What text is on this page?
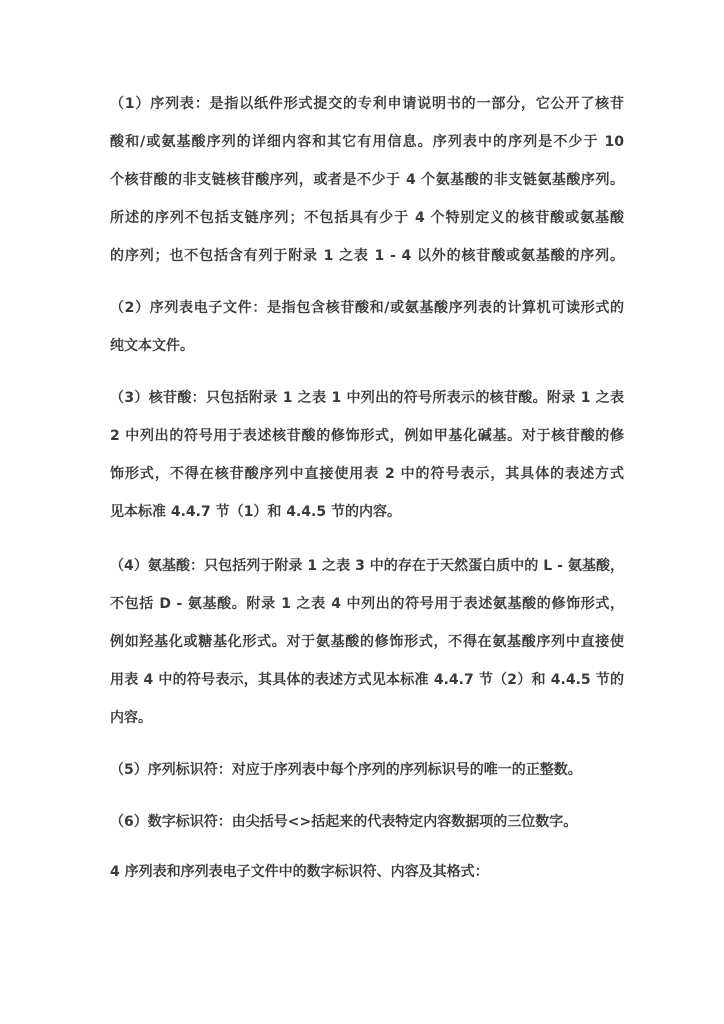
（1）序列表：是指以纸件形式提交的专利申请说明书的一部分，它公开了核苷
酸和/或氨基酸序列的详细内容和其它有用信息。序列表中的序列是不少于 10
个核苷酸的非支链核苷酸序列，或者是不少于 4 个氨基酸的非支链氨基酸序列。
所述的序列不包括支链序列；不包括具有少于 4 个特别定义的核苷酸或氨基酸
的序列；也不包括含有列于附录 1 之表 1 - 4 以外的核苷酸或氨基酸的序列。
（2）序列表电子文件：是指包含核苷酸和/或氨基酸序列表的计算机可读形式的
纯文本文件。
（3）核苷酸：只包括附录 1 之表 1 中列出的符号所表示的核苷酸。附录 1 之表
2 中列出的符号用于表述核苷酸的修饰形式，例如甲基化碱基。对于核苷酸的修
饰形式，不得在核苷酸序列中直接使用表 2 中的符号表示，其具体的表述方式
见本标准 4.4.7 节（1）和 4.4.5 节的内容。
（4）氨基酸：只包括列于附录 1 之表 3 中的存在于天然蛋白质中的 L - 氨基酸，
不包括 D - 氨基酸。附录 1 之表 4 中列出的符号用于表述氨基酸的修饰形式，
例如羟基化或糖基化形式。对于氨基酸的修饰形式，不得在氨基酸序列中直接使
用表 4 中的符号表示，其具体的表述方式见本标准 4.4.7 节（2）和 4.4.5 节的
内容。
（5）序列标识符：对应于序列表中每个序列的序列标识号的唯一的正整数。
（6）数字标识符：由尖括号<>括起来的代表特定内容数据项的三位数字。
4 序列表和序列表电子文件中的数字标识符、内容及其格式：
